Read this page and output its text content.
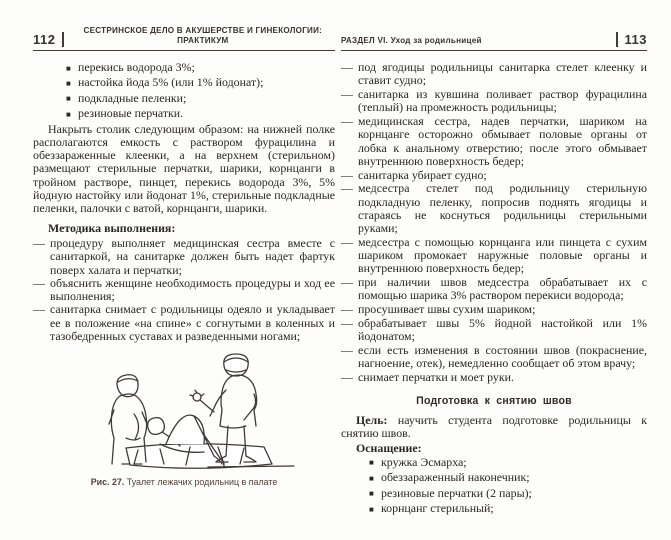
112
СЕСТРИНСКОЕ ДЕЛО В АКУШЕРСТВЕ И ГИНЕКОЛОГИИ: ПРАКТИКУМ
■ перекись водорода 3%;
■ настойка йода 5% (или 1% йодонат);
■ подкладные пеленки;
■ резиновые перчатки.

Накрыть столик следующим образом: на нижней полке располагаются емкость с раствором фурацилина и обеззараженные клеенки, а на верхнем (стерильном) размещают стерильные перчатки, шарики, корнцанги в тройном растворе, пинцет, перекись водорода 3%, 5% йодную настойку или йодонат 1%, стерильные подкладные пеленки, палочки с ватой, корнцанги, шарики.

Методика выполнения:

— процедуру выполняет медицинская сестра вместе с санитаркой, на санитарке должен быть надет фартук поверх халата и перчатки;
— объяснить женщине необходимость процедуры и ход ее выполнения;
— санитарка снимает с родильницы одеяло и укладывает ее в положение «на спине» с согнутыми в коленных и тазобедренных суставах и разведенными ногами;
Рис. 27. Туалет лежачих родильниц в палате
РАЗДЕЛ VI. Уход за родильницей	113
— под ягодицы родильницы санитарка стелет клеенку и ставит судно;
— санитарка из кувшина поливает раствор фурацилина (теплый) на промежность родильницы;
— медицинская сестра, надев перчатки, шариком на корнцанге осторожно обмывает половые органы от лобка к анальному отверстию; после этого обмывает внутреннюю поверхность бедер;
— санитарка убирает судно;
— медсестра стелет под родильницу стерильную подкладную пеленку, попросив поднять ягодицы и стараясь не коснуться родильницы стерильными руками;
— медсестра с помощью корнцанга или пинцета с сухим шариком промокает наружные половые органы и внутреннюю поверхность бедер;
— при наличии швов медсестра обрабатывает их с помощью шарика 3% раствором перекиси водорода;
— просушивает швы сухим шариком;
— обрабатывает швы 5% йодной настойкой или 1% йодонатом;
— если есть изменения в состоянии швов (покраснение, нагноение, отек), немедленно сообщает об этом врачу;
— снимает перчатки и моет руки.
Подготовка к снятию швов

Цель: научить студента подготовке родильницы к снятию швов.

Оснащение:

■ кружка Эсмарха;
■ обеззараженный наконечник;
■ резиновые перчатки (2 пары);
■ корнцанг стерильный;
